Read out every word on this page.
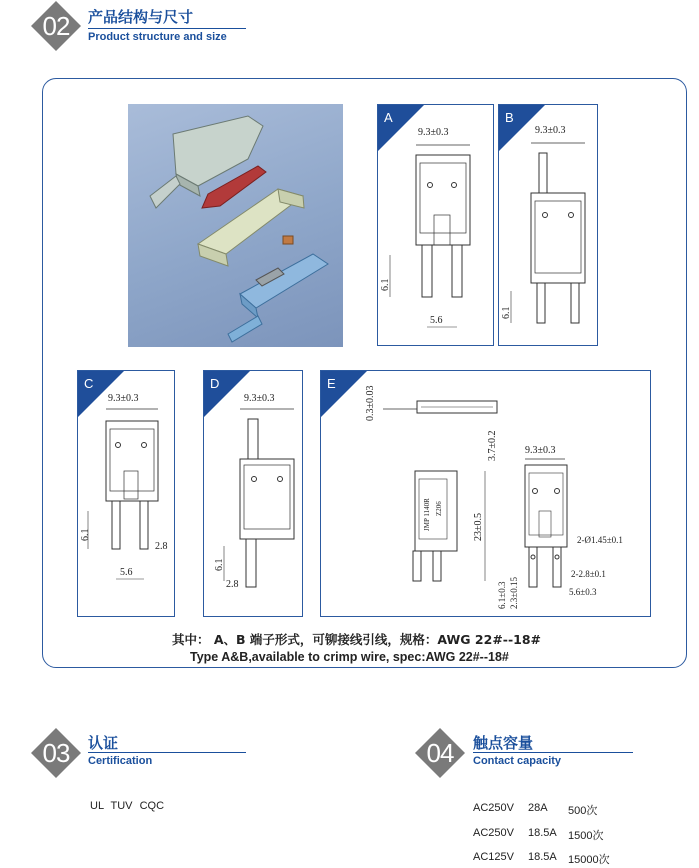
02	产品结构与尺寸
Product structure and size
A
9.3±0.3
6.1
5.6
B
9.3±0.3
6.1
C
9.3±0.3
6.1
2.8
5.6
D
9.3±0.3
6.1
2.8
E
0.3±0.03
3.7±0.2
JMP 1140R Z206
23±0.5
9.3±0.3
2-Ø1.45±0.1
2-2.8±0.1
5.6±0.3
6.1±0.3 2.3±0.15
其中： A、B 端子形式，可铆接线引线，规格：AWG 22#--18#
Type A&B,available to crimp wire, spec:AWG 22#--18#
03	认证
Certification
UL TUV CQC
04	触点容量
Contact capacity
AC250V	28A	500次
AC250V	18.5A	1500次
AC125V	18.5A	15000次
